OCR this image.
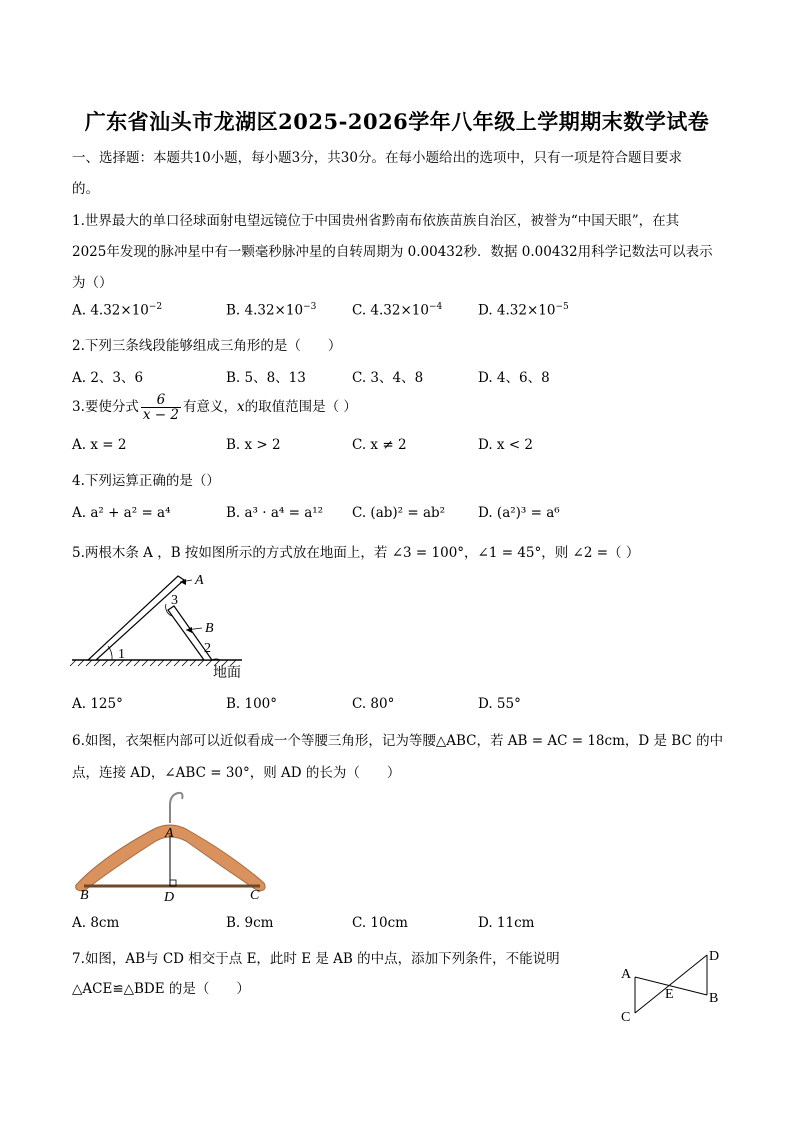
广东省汕头市龙湖区2025-2026学年八年级上学期期末数学试卷
一、选择题：本题共10小题，每小题3分，共30分。在每小题给出的选项中，只有一项是符合题目要求
的。
1.世界最大的单口径球面射电望远镜位于中国贵州省黔南布依族苗族自治区，被誉为“中国天眼”，在其
2025年发现的脉冲星中有一颗毫秒脉冲星的自转周期为 0.00432秒．数据 0.00432用科学记数法可以表示
为（）
A. $4.32\times 10^{-2}$	B. $4.32\times 10^{-3}$	C. $4.32\times 10^{-4}$	D. $4.32\times 10^{-5}$
2.下列三条线段能够组成三角形的是（　　）
A. 2、3、6	B. 5、8、13	C. 3、4、8	D. 4、6、8
3.要使分式 $\frac{6}{x - 2}$ 有意义，x的取值范围是（ ）
A. x = 2	B. x > 2	C. x ≠ 2	D. x < 2
4.下列运算正确的是（）
A. a² + a² = a⁴	B. a³ · a⁴ = a¹² C. (ab)² = ab² D. (a²)³ = a⁶
5.两根木条 A ，B 按如图所示的方式放在地面上，若 ∠3 = 100°，∠1 = 45°，则 ∠2 =（ ）
A
B
1	2
3
地面
A. 125°	B. 100°	C. 80°	D. 55°
6.如图，衣架框内部可以近似看成一个等腰三角形，记为等腰△ABC，若 AB = AC = 18cm，D 是 BC 的中
点，连接 AD，∠ABC = 30°，则 AD 的长为（　　）
A
B	C
D
A. 8cm	B. 9cm	C. 10cm	D. 11cm
7.如图，AB与 CD 相交于点 E，此时 E 是 AB 的中点，添加下列条件，不能说明
△ACE≌△BDE 的是（　　）
A
B
C
D
E
